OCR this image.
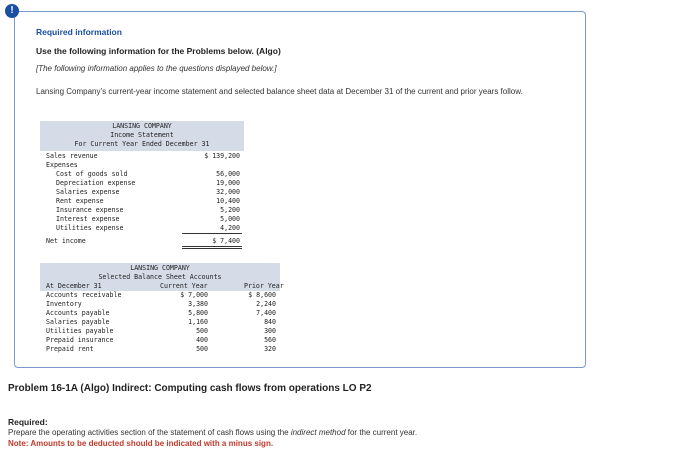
!
Required information
Use the following information for the Problems below. (Algo)
[The following information applies to the questions displayed below.]
Lansing Company’s current-year income statement and selected balance sheet data at December 31 of the current and prior years follow.
LANSING COMPANY
Income Statement
For Current Year Ended December 31
Sales revenue	$ 139,200
Expenses
Cost of goods sold	56,000
Depreciation expense	19,000
Salaries expense	32,000
Rent expense	10,400
Insurance expense	5,200
Interest expense	5,000
Utilities expense	4,200
Net income	$ 7,400
LANSING COMPANY
Selected Balance Sheet Accounts
At December 31	Current Year	Prior Year
Accounts receivable	$ 7,000	$ 8,600
Inventory	3,380	2,240
Accounts payable	5,800	7,400
Salaries payable	1,160	840
Utilities payable	500	300
Prepaid insurance	400	560
Prepaid rent	500	320
Problem 16-1A (Algo) Indirect: Computing cash flows from operations LO P2
Required:
Prepare the operating activities section of the statement of cash flows using the indirect method for the current year.
Note: Amounts to be deducted should be indicated with a minus sign.
